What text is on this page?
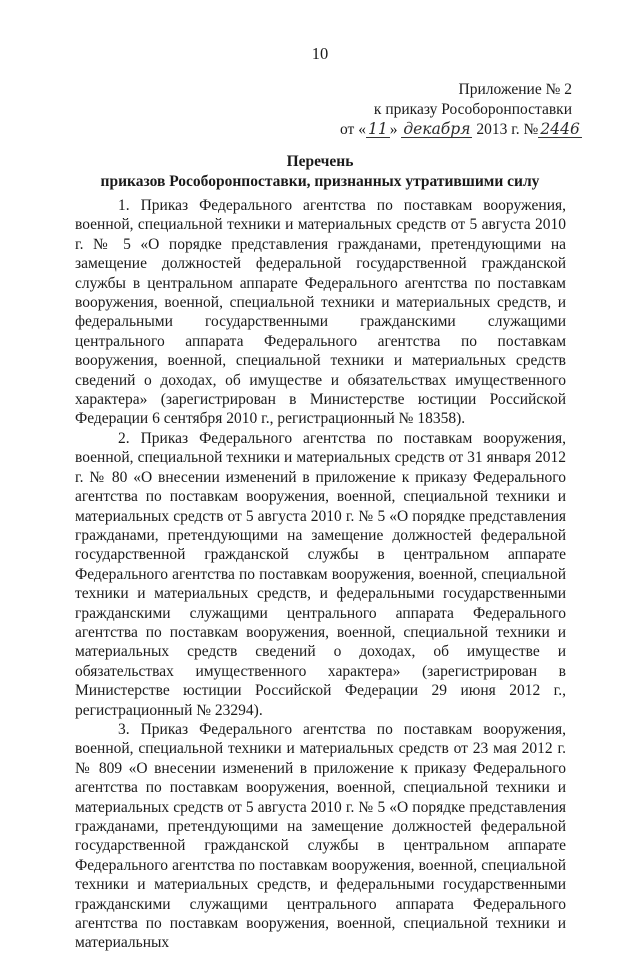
10
Приложение № 2
к приказу Рособоронпоставки
от « 11 » декабря 2013 г. № 2446
Перечень
приказов Рособоронпоставки, признанных утратившими силу

1. Приказ Федерального агентства по поставкам вооружения, военной, специальной техники и материальных средств от 5 августа 2010 г. № 5 «О порядке представления гражданами, претендующими на замещение должностей федеральной государственной гражданской службы в центральном аппарате Федерального агентства по поставкам вооружения, военной, специальной техники и материальных средств, и федеральными государственными гражданскими служащими центрального аппарата Федерального агентства по поставкам вооружения, военной, специальной техники и материальных средств сведений о доходах, об имуществе и обязательствах имущественного характера» (зарегистрирован в Министерстве юстиции Российской Федерации 6 сентября 2010 г., регистрационный № 18358).

2. Приказ Федерального агентства по поставкам вооружения, военной, специальной техники и материальных средств от 31 января 2012 г. № 80 «О внесении изменений в приложение к приказу Федерального агентства по поставкам вооружения, военной, специальной техники и материальных средств от 5 августа 2010 г. № 5 «О порядке представления гражданами, претендующими на замещение должностей федеральной государственной гражданской службы в центральном аппарате Федерального агентства по поставкам вооружения, военной, специальной техники и материальных средств, и федеральными государственными гражданскими служащими центрального аппарата Федерального агентства по поставкам вооружения, военной, специальной техники и материальных средств сведений о доходах, об имуществе и обязательствах имущественного характера» (зарегистрирован в Министерстве юстиции Российской Федерации 29 июня 2012 г., регистрационный № 23294).

3. Приказ Федерального агентства по поставкам вооружения, военной, специальной техники и материальных средств от 23 мая 2012 г. № 809 «О внесении изменений в приложение к приказу Федерального агентства по поставкам вооружения, военной, специальной техники и материальных средств от 5 августа 2010 г. № 5 «О порядке представления гражданами, претендующими на замещение должностей федеральной государственной гражданской службы в центральном аппарате Федерального агентства по поставкам вооружения, военной, специальной техники и материальных средств, и федеральными государственными гражданскими служащими центрального аппарата Федерального агентства по поставкам вооружения, военной, специальной техники и материальных
